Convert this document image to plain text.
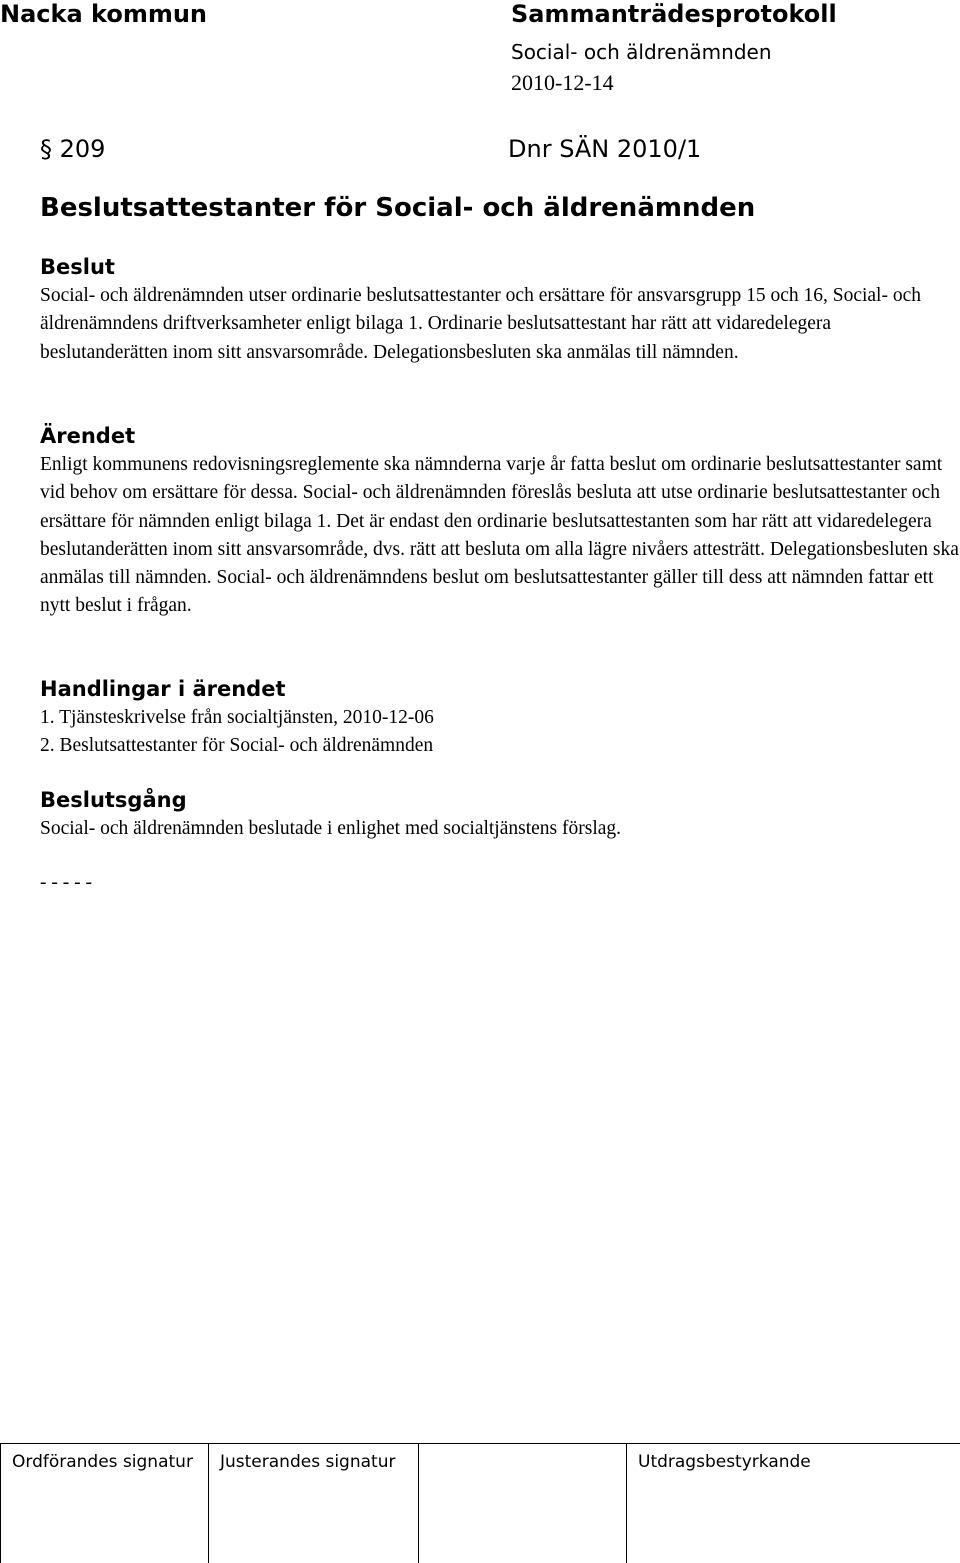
Nacka kommun	Sammanträdesprotokoll
Social- och äldrenämnden
2010-12-14
§ 209	Dnr SÄN 2010/1
Beslutsattestanter för Social- och äldrenämnden
Beslut

Social- och äldrenämnden utser ordinarie beslutsattestanter och ersättare för ansvarsgrupp 15 och 16, Social- och äldrenämndens driftverksamheter enligt bilaga 1. Ordinarie beslutsattestant har rätt att vidaredelegera beslutanderätten inom sitt ansvarsområde. Delegationsbesluten ska anmälas till nämnden.

Ärendet

Enligt kommunens redovisningsreglemente ska nämnderna varje år fatta beslut om ordinarie beslutsattestanter samt vid behov om ersättare för dessa. Social- och äldrenämnden föreslås besluta att utse ordinarie beslutsattestanter och ersättare för nämnden enligt bilaga 1. Det är endast den ordinarie beslutsattestanten som har rätt att vidaredelegera beslutanderätten inom sitt ansvarsområde, dvs. rätt att besluta om alla lägre nivåers attesträtt. Delegationsbesluten ska anmälas till nämnden. Social- och äldrenämndens beslut om beslutsattestanter gäller till dess att nämnden fattar ett nytt beslut i frågan.

Handlingar i ärendet

1. Tjänsteskrivelse från socialtjänsten, 2010-12-06

2. Beslutsattestanter för Social- och äldrenämnden

Beslutsgång

Social- och äldrenämnden beslutade i enlighet med socialtjänstens förslag.

- - - - -
Ordförandes signatur	Justerandes signatur		Utdragsbestyrkande
